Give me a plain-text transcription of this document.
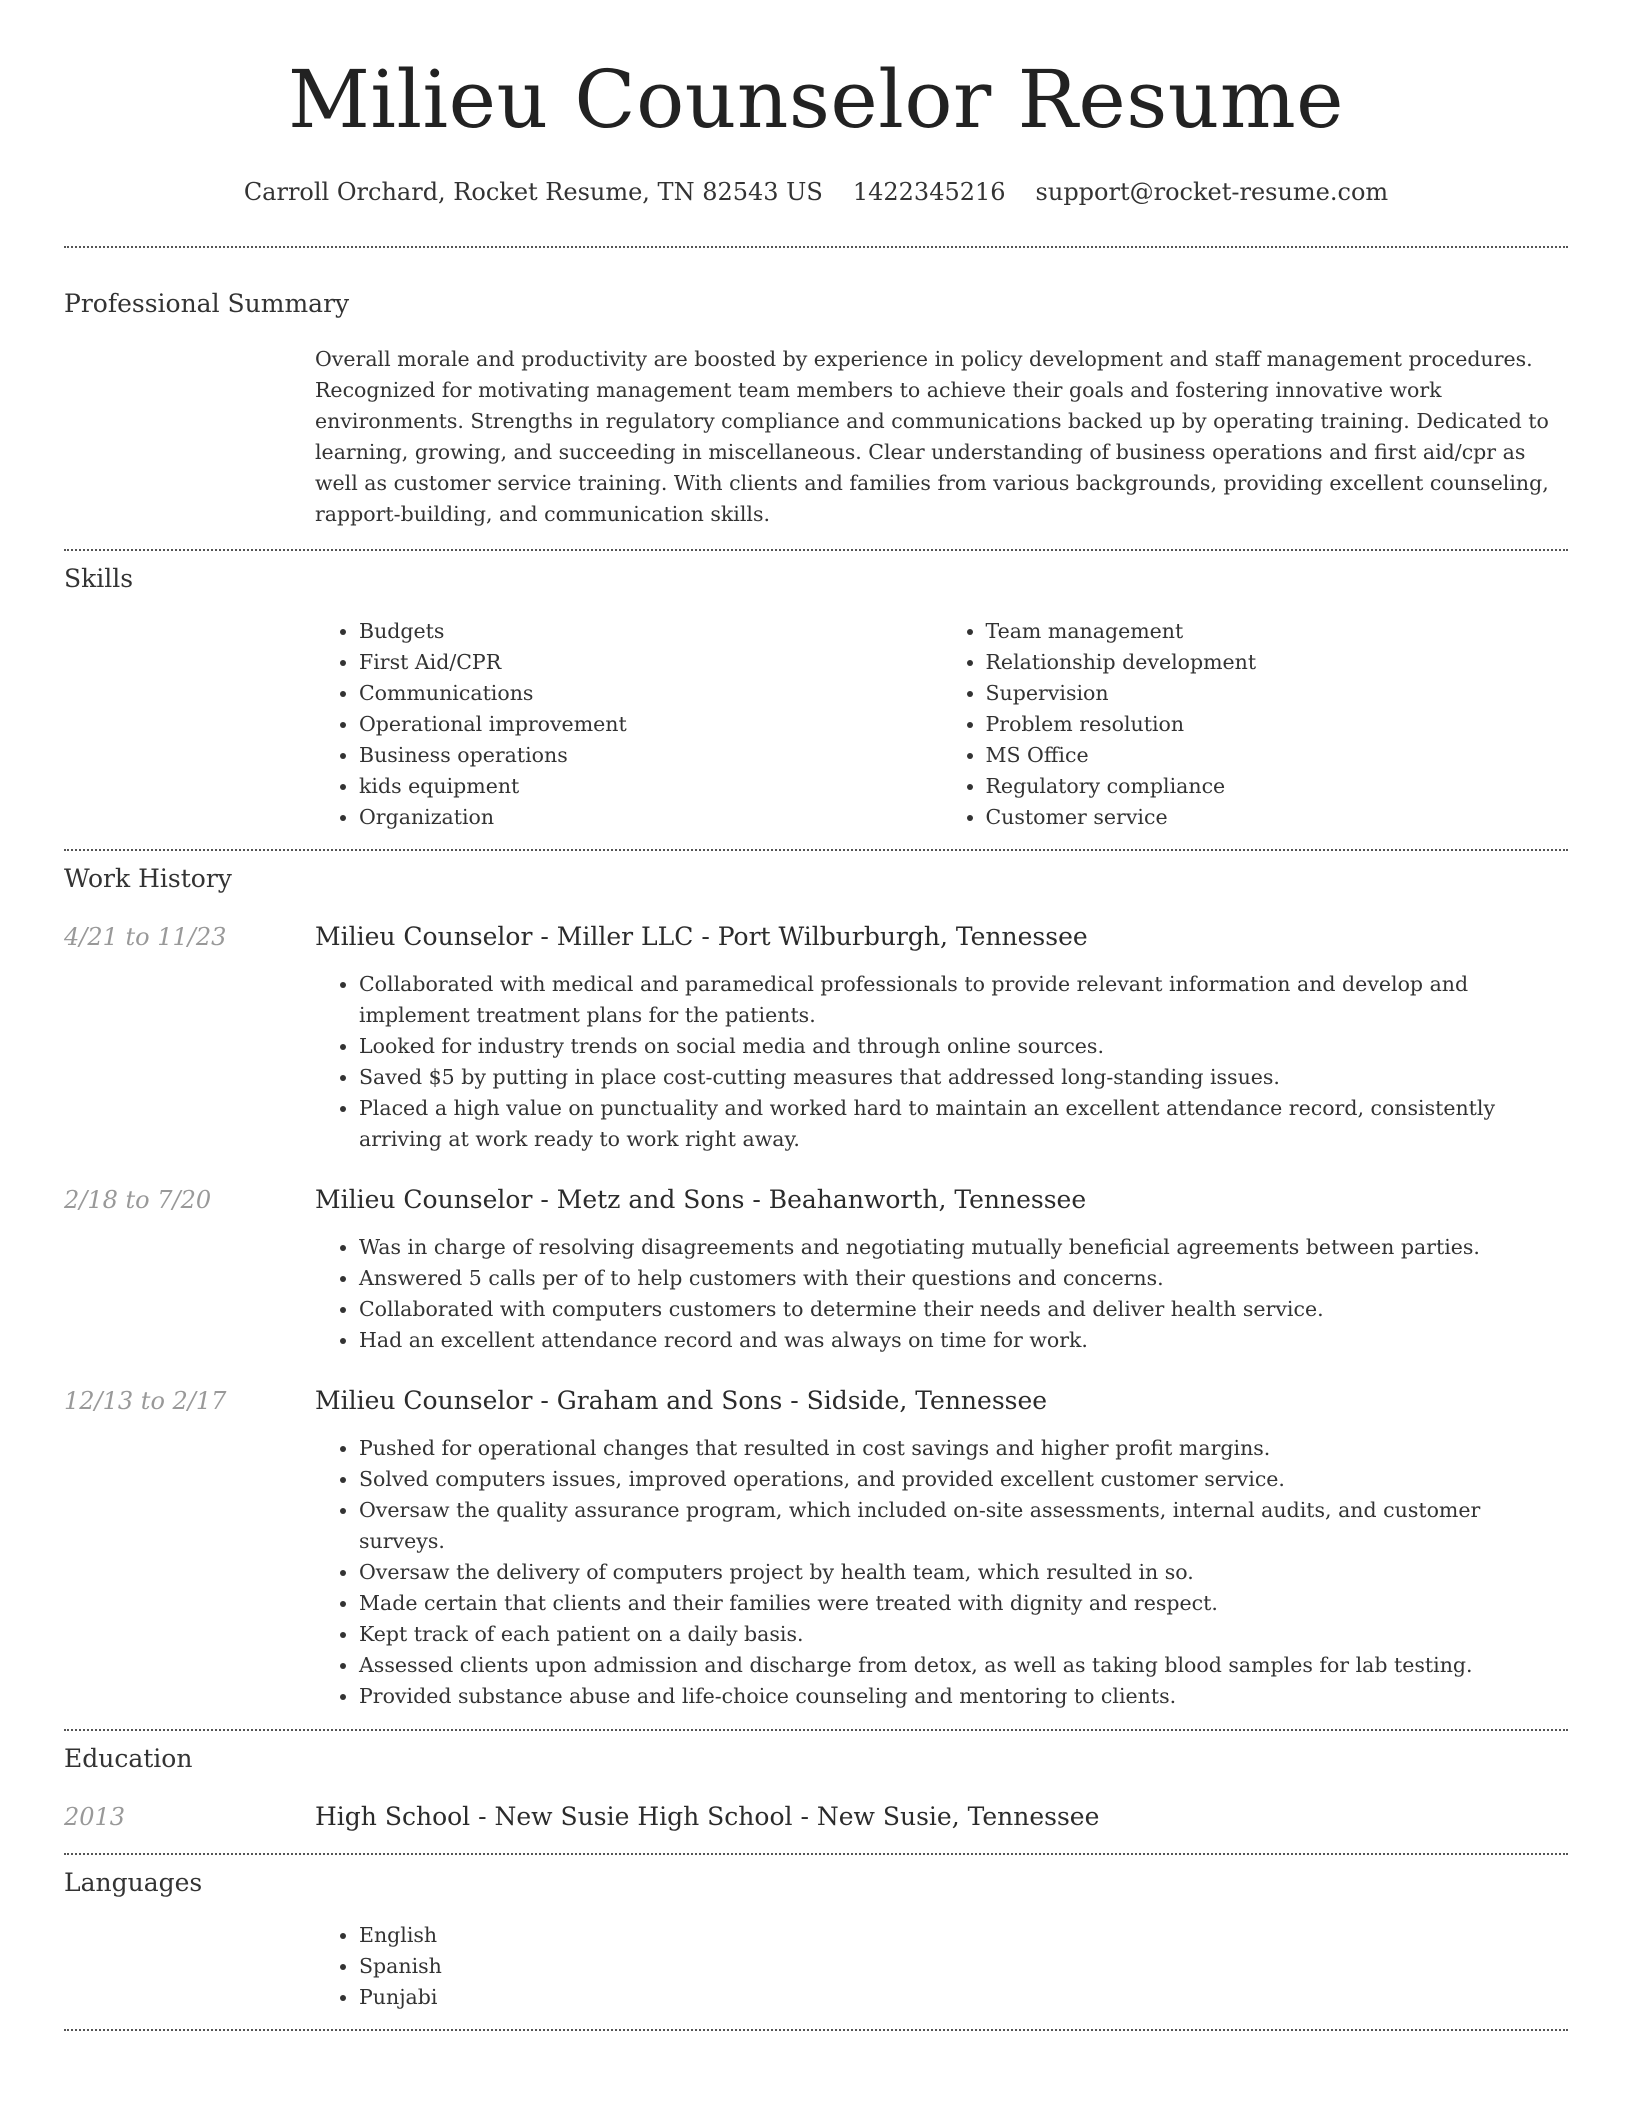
Milieu Counselor Resume
Carroll Orchard, Rocket Resume, TN 82543 US 1422345216 support@rocket-resume.com
Professional Summary

Overall morale and productivity are boosted by experience in policy development and staff management procedures. Recognized for motivating management team members to achieve their goals and fostering innovative work environments. Strengths in regulatory compliance and communications backed up by operating training. Dedicated to learning, growing, and succeeding in miscellaneous. Clear understanding of business operations and first aid/cpr as well as customer service training. With clients and families from various backgrounds, providing excellent counseling, rapport-building, and communication skills.

Skills
• Budgets
• First Aid/CPR
• Communications
• Operational improvement
• Business operations
• kids equipment
• Organization
• Team management
• Relationship development
• Supervision
• Problem resolution
• MS Office
• Regulatory compliance
• Customer service
Work History
4/21 to 11/23	Milieu Counselor - Miller LLC - Port Wilburburgh, Tennessee
• Collaborated with medical and paramedical professionals to provide relevant information and develop and implement treatment plans for the patients.
• Looked for industry trends on social media and through online sources.
• Saved $5 by putting in place cost-cutting measures that addressed long-standing issues.
• Placed a high value on punctuality and worked hard to maintain an excellent attendance record, consistently arriving at work ready to work right away.
2/18 to 7/20	Milieu Counselor - Metz and Sons - Beahanworth, Tennessee
• Was in charge of resolving disagreements and negotiating mutually beneficial agreements between parties.
• Answered 5 calls per of to help customers with their questions and concerns.
• Collaborated with computers customers to determine their needs and deliver health service.
• Had an excellent attendance record and was always on time for work.
12/13 to 2/17	Milieu Counselor - Graham and Sons - Sidside, Tennessee
• Pushed for operational changes that resulted in cost savings and higher profit margins.
• Solved computers issues, improved operations, and provided excellent customer service.
• Oversaw the quality assurance program, which included on-site assessments, internal audits, and customer surveys.
• Oversaw the delivery of computers project by health team, which resulted in so.
• Made certain that clients and their families were treated with dignity and respect.
• Kept track of each patient on a daily basis.
• Assessed clients upon admission and discharge from detox, as well as taking blood samples for lab testing.
• Provided substance abuse and life-choice counseling and mentoring to clients.
Education
2013	High School - New Susie High School - New Susie, Tennessee
Languages
• English
• Spanish
• Punjabi
